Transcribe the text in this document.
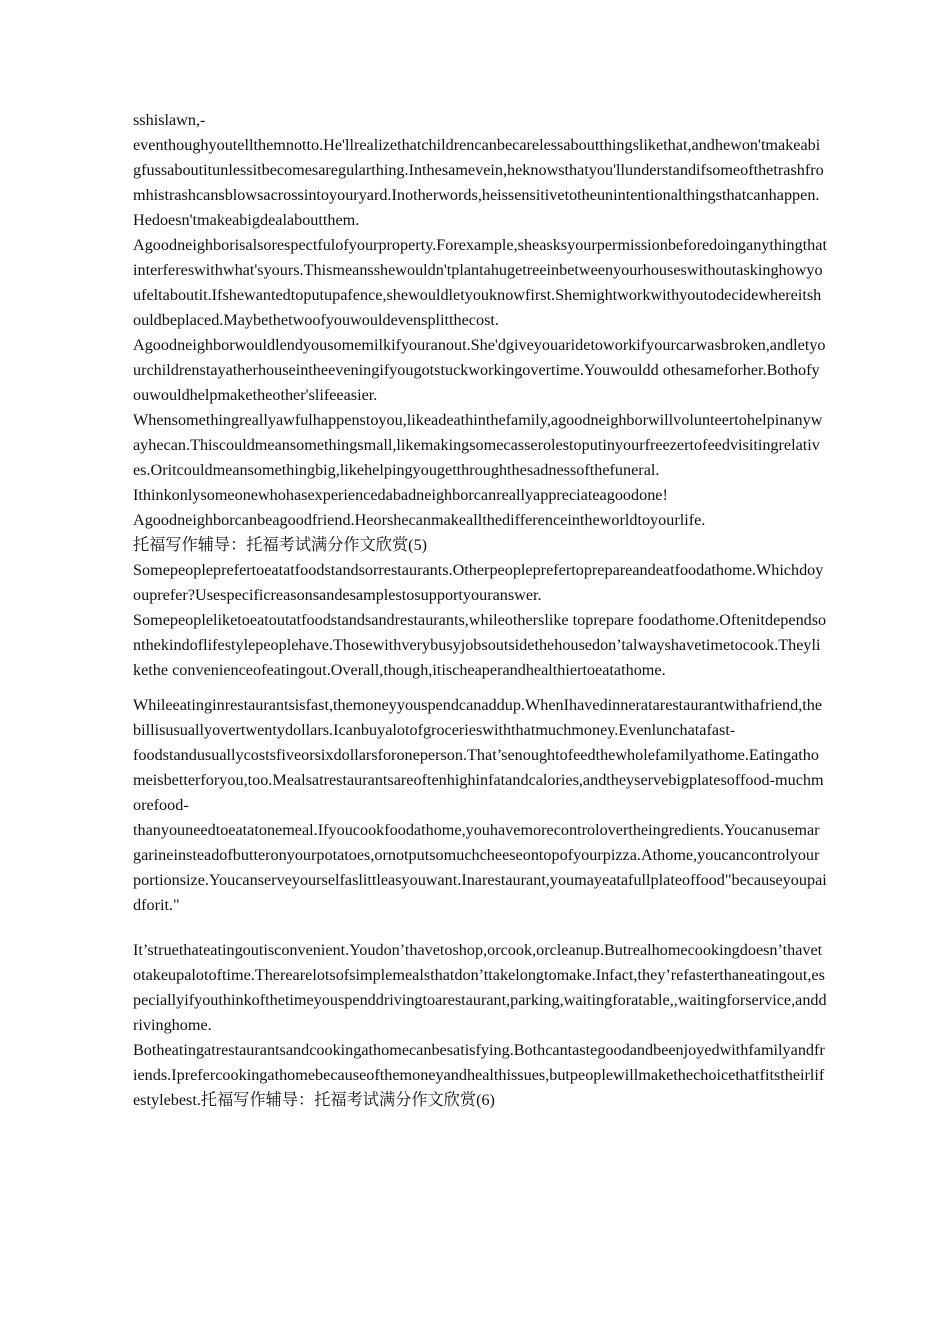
sshislawn,-

eventhoughyoutellthemnotto.He'llrealizethatchildrencanbecarelessaboutthingslikethat,andhewon'tmakeabigfussaboutitunlessitbecomesaregularthing.Inthesamevein,heknowsthatyou'llunderstandifsomeofthetrashfromhistrashcansblowsacrossintoyouryard.Inotherwords,heissensitivetotheunintentionalthingsthatcanhappen.Hedoesn'tmakeabigdealaboutthem.

Agoodneighborisalsorespectfulofyourproperty.Forexample,sheasksyourpermissionbeforedoinganythingthatinterfereswithwhat'syours.Thismeansshewouldn'tplantahugetreeinbetweenyourhouseswithoutaskinghowyoufeltaboutit.Ifshewantedtoputupafence,shewouldletyouknowfirst.Shemightworkwithyoutodecidewhereitshouldbeplaced.Maybethetwoofyouwouldevensplitthecost.

Agoodneighborwouldlendyousomemilkifyouranout.She'dgiveyouaridetoworkifyourcarwasbroken,andletyourchildrenstayatherhouseintheeveningifyougotstuckworkingovertime.Youwouldd othesameforher.Bothofyouwouldhelpmaketheother'slifeeasier.

Whensomethingreallyawfulhappenstoyou,likeadeathinthefamily,agoodneighborwillvolunteertohelpinanywayhecan.Thiscouldmeansomethingsmall,likemakingsomecasserolestoputinyourfreezertofeedvisitingrelatives.Oritcouldmeansomethingbig,likehelpingyougetthroughthesadnessofthefuneral.

Ithinkonlysomeonewhohasexperiencedabadneighborcanreallyappreciateagoodone!

Agoodneighborcanbeagoodfriend.Heorshecanmakeallthedifferenceintheworldtoyourlife.

托福写作辅导：托福考试满分作文欣赏(5)

Somepeopleprefertoeatatfoodstandsorrestaurants.Otherpeopleprefertoprepareandeatfoodathome.Whichdoyouprefer?Usespecificreasonsandesamplestosupportyouranswer.

Somepeopleliketoeatoutatfoodstandsandrestaurants,whileotherslike toprepare foodathome.Oftenitdependsonthekindoflifestylepeoplehave.Thosewithverybusyjobsoutsidethehousedon’talwayshavetimetocook.Theylikethe convenienceofeatingout.Overall,though,itischeaperandhealthiertoeatathome.

Whileeatinginrestaurantsisfast,themoneyyouspendcanaddup.WhenIhavedinneratarestaurantwithafriend,thebillisusuallyovertwentydollars.Icanbuyalotofgrocerieswiththatmuchmoney.Evenlunchatafast-

foodstandusuallycostsfiveorsixdollarsforoneperson.That’senoughtofeedthewholefamilyathome.Eatingathomeisbetterforyou,too.Mealsatrestaurantsareoftenhighinfatandcalories,andtheyservebigplatesoffood-muchmorefood-

thanyouneedtoeatatonemeal.Ifyoucookfoodathome,youhavemorecontrolovertheingredients.Youcanusemargarineinsteadofbutteronyourpotatoes,ornotputsomuchcheeseontopofyourpizza.Athome,youcancontrolyourportionsize.Youcanserveyourselfaslittleasyouwant.Inarestaurant,youmayeatafullplateoffood"becauseyoupaidforit."

It’struethateatingoutisconvenient.Youdon’thavetoshop,orcook,orcleanup.Butrealhomecookingdoesn’thavetotakeupalotoftime.Therearelotsofsimplemealsthatdon’ttakelongtomake.Infact,they’refasterthaneatingout,especiallyifyouthinkofthetimeyouspenddrivingtoarestaurant,parking,waitingforatable,,waitingforservice,anddrivinghome.

Botheatingatrestaurantsandcookingathomecanbesatisfying.Bothcantastegoodandbeenjoyedwithfamilyandfriends.Iprefercookingathomebecauseofthemoneyandhealthissues,butpeoplewillmakethechoicethatfitstheirlifestylebest.托福写作辅导：托福考试满分作文欣赏(6)
